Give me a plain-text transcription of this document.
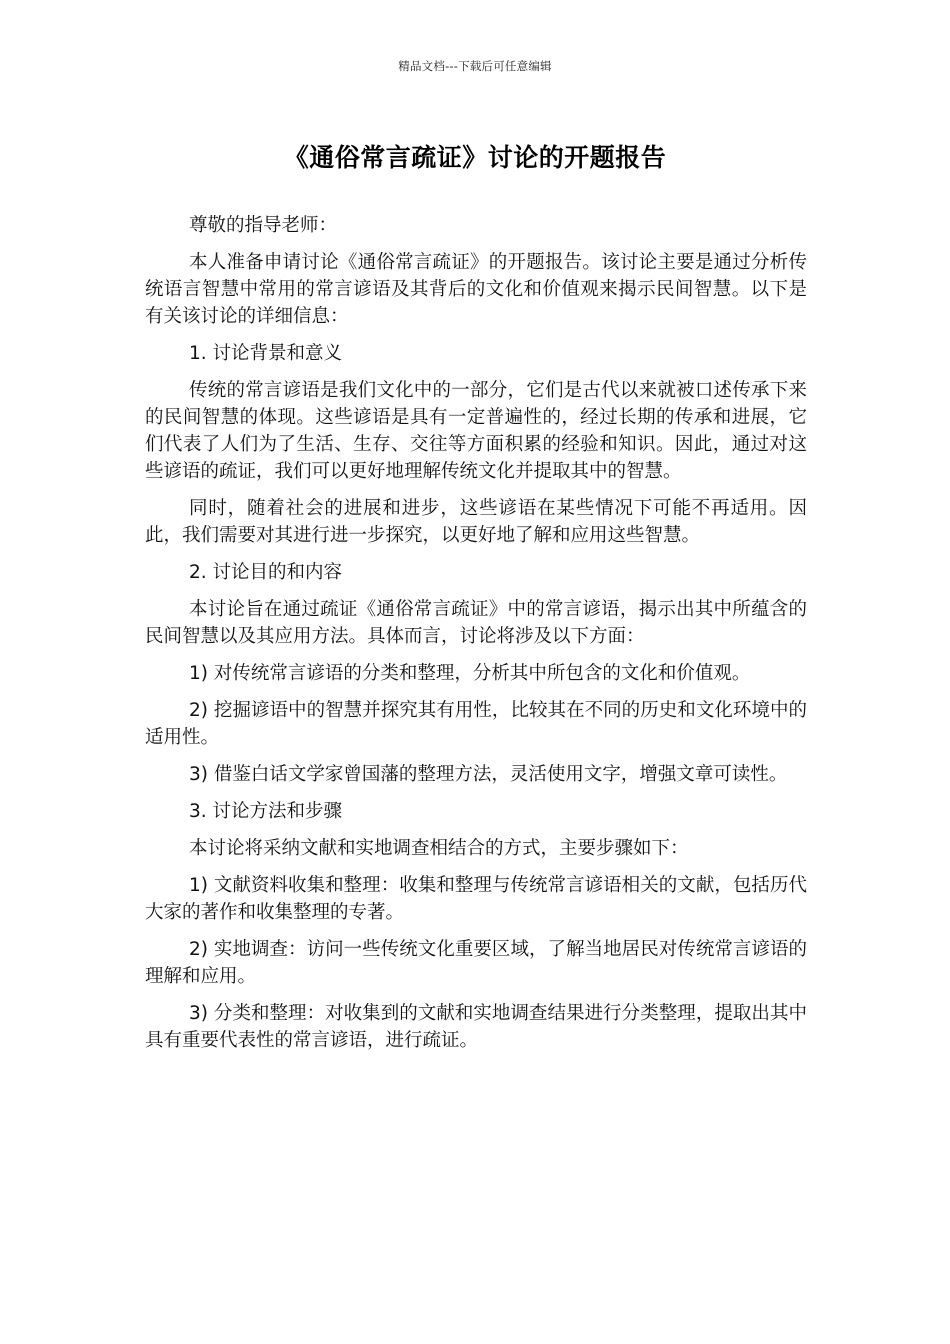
精品文档---下载后可任意编辑
《通俗常言疏证》讨论的开题报告

尊敬的指导老师：

本人准备申请讨论《通俗常言疏证》的开题报告。该讨论主要是通过分析传统语言智慧中常用的常言谚语及其背后的文化和价值观来揭示民间智慧。以下是有关该讨论的详细信息：

1. 讨论背景和意义

传统的常言谚语是我们文化中的一部分，它们是古代以来就被口述传承下来的民间智慧的体现。这些谚语是具有一定普遍性的，经过长期的传承和进展，它们代表了人们为了生活、生存、交往等方面积累的经验和知识。因此，通过对这些谚语的疏证，我们可以更好地理解传统文化并提取其中的智慧。

同时，随着社会的进展和进步，这些谚语在某些情况下可能不再适用。因此，我们需要对其进行进一步探究，以更好地了解和应用这些智慧。

2. 讨论目的和内容

本讨论旨在通过疏证《通俗常言疏证》中的常言谚语，揭示出其中所蕴含的民间智慧以及其应用方法。具体而言，讨论将涉及以下方面：

1) 对传统常言谚语的分类和整理，分析其中所包含的文化和价值观。

2) 挖掘谚语中的智慧并探究其有用性，比较其在不同的历史和文化环境中的适用性。

3) 借鉴白话文学家曾国藩的整理方法，灵活使用文字，增强文章可读性。

3. 讨论方法和步骤

本讨论将采纳文献和实地调查相结合的方式，主要步骤如下：

1) 文献资料收集和整理：收集和整理与传统常言谚语相关的文献，包括历代大家的著作和收集整理的专著。

2) 实地调查：访问一些传统文化重要区域，了解当地居民对传统常言谚语的理解和应用。

3) 分类和整理：对收集到的文献和实地调查结果进行分类整理，提取出其中具有重要代表性的常言谚语，进行疏证。
